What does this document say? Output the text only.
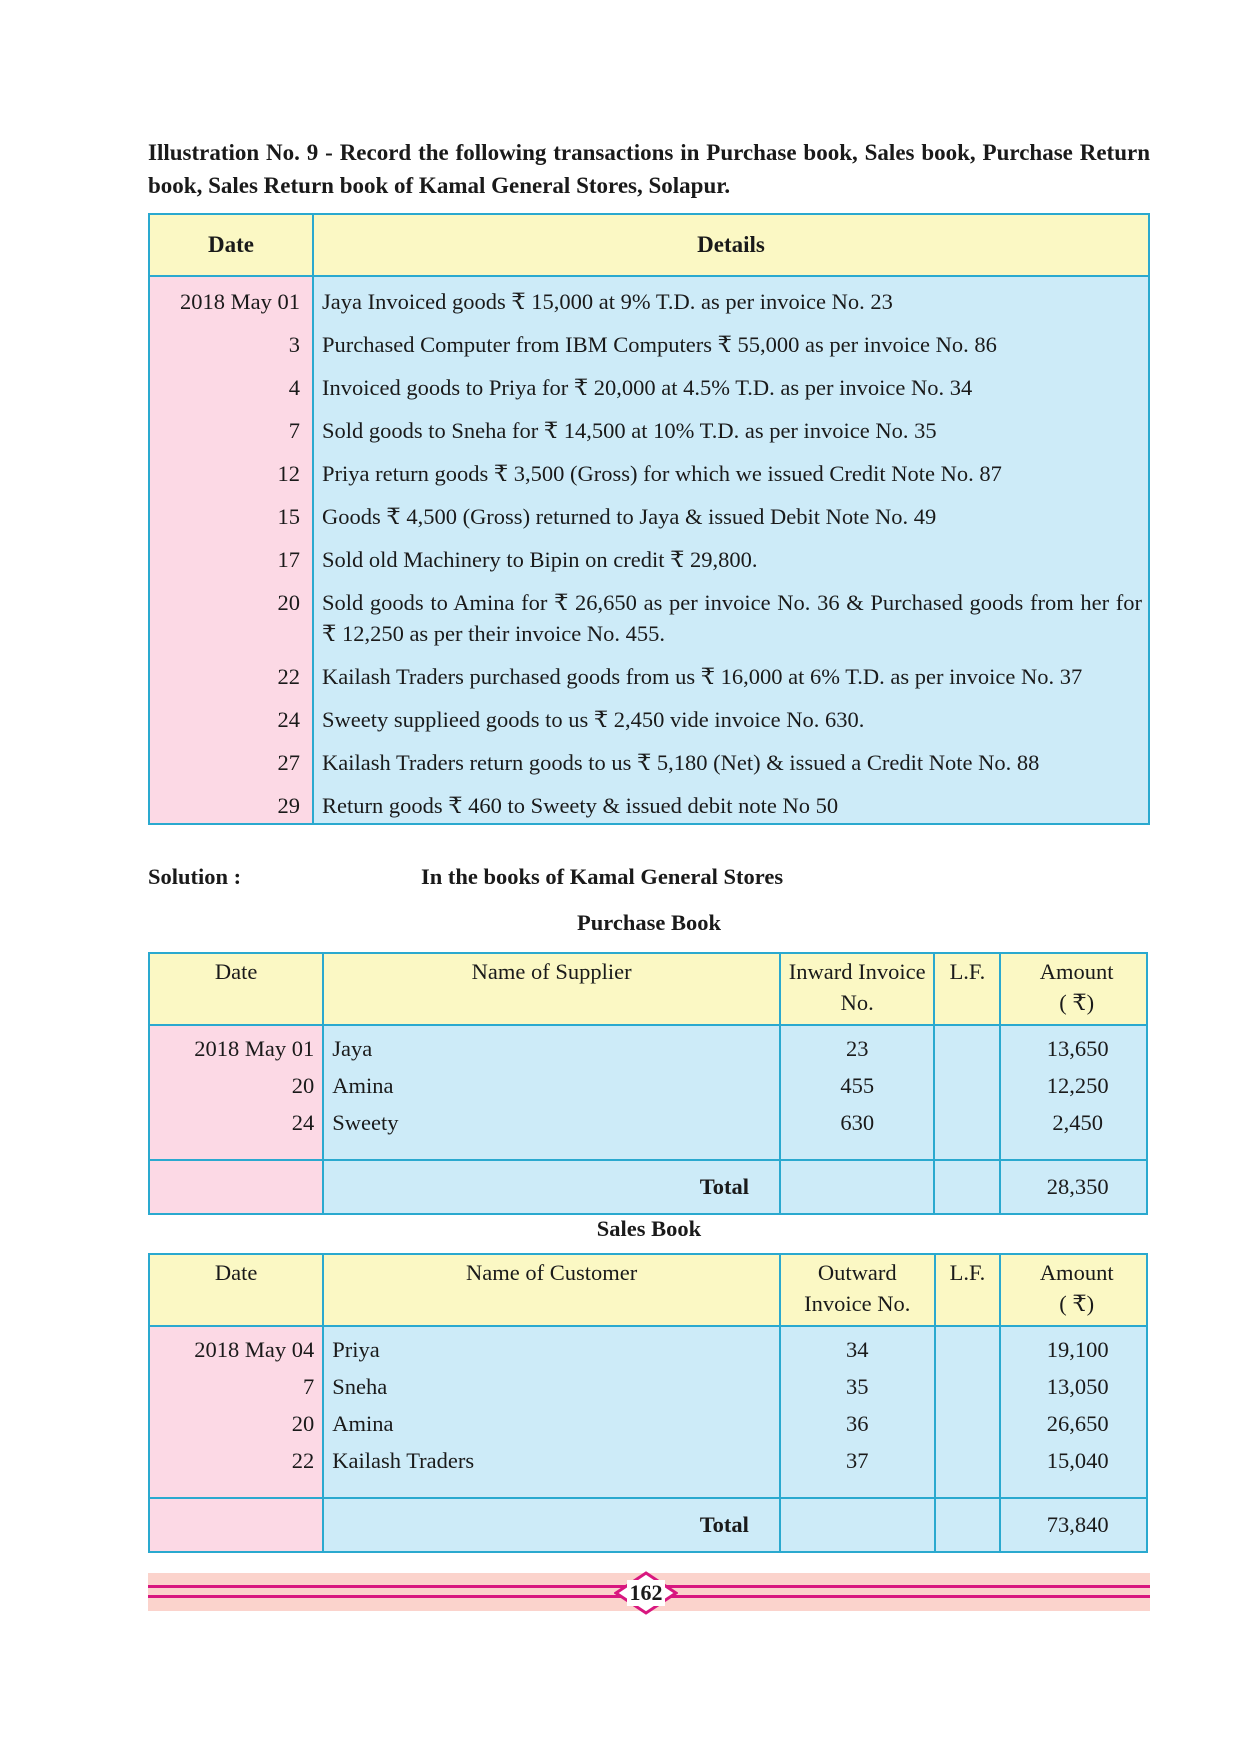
Illustration No. 9 - Record the following transactions in Purchase book, Sales book, Purchase Return book, Sales Return book of Kamal General Stores, Solapur.
Date	Details
2018 May 01	Jaya Invoiced goods ₹ 15,000 at 9% T.D. as per invoice No. 23
3	Purchased Computer from IBM Computers ₹ 55,000 as per invoice No. 86
4	Invoiced goods to Priya for ₹ 20,000 at 4.5% T.D. as per invoice No. 34
7	Sold goods to Sneha for ₹ 14,500 at 10% T.D. as per invoice No. 35
12	Priya return goods ₹ 3,500 (Gross) for which we issued Credit Note No. 87
15	Goods ₹ 4,500 (Gross) returned to Jaya & issued Debit Note No. 49
17	Sold old Machinery to Bipin on credit ₹ 29,800.
20	Sold goods to Amina for ₹ 26,650 as per invoice No. 36 & Purchased goods from her for ₹ 12,250 as per their invoice No. 455.
22	Kailash Traders purchased goods from us ₹ 16,000 at 6% T.D. as per invoice No. 37
24	Sweety supplieed goods to us ₹ 2,450 vide invoice No. 630.
27	Kailash Traders return goods to us ₹ 5,180 (Net) & issued a Credit Note No. 88
29	Return goods ₹ 460 to Sweety & issued debit note No 50
Solution :	In the books of Kamal General Stores
Purchase Book
Date	Name of Supplier	Inward Invoice No.	L.F.	Amount
( ₹)
2018 May 01	Jaya	23		13,650
20	Amina	455		12,250
24	Sweety	630		2,450

	Total			28,350
Sales Book
Date	Name of Customer	Outward Invoice No.	L.F.	Amount
( ₹)
2018 May 04	Priya	34		19,100
7	Sneha	35		13,050
20	Amina	36		26,650
22	Kailash Traders	37		15,040

	Total			73,840
162
